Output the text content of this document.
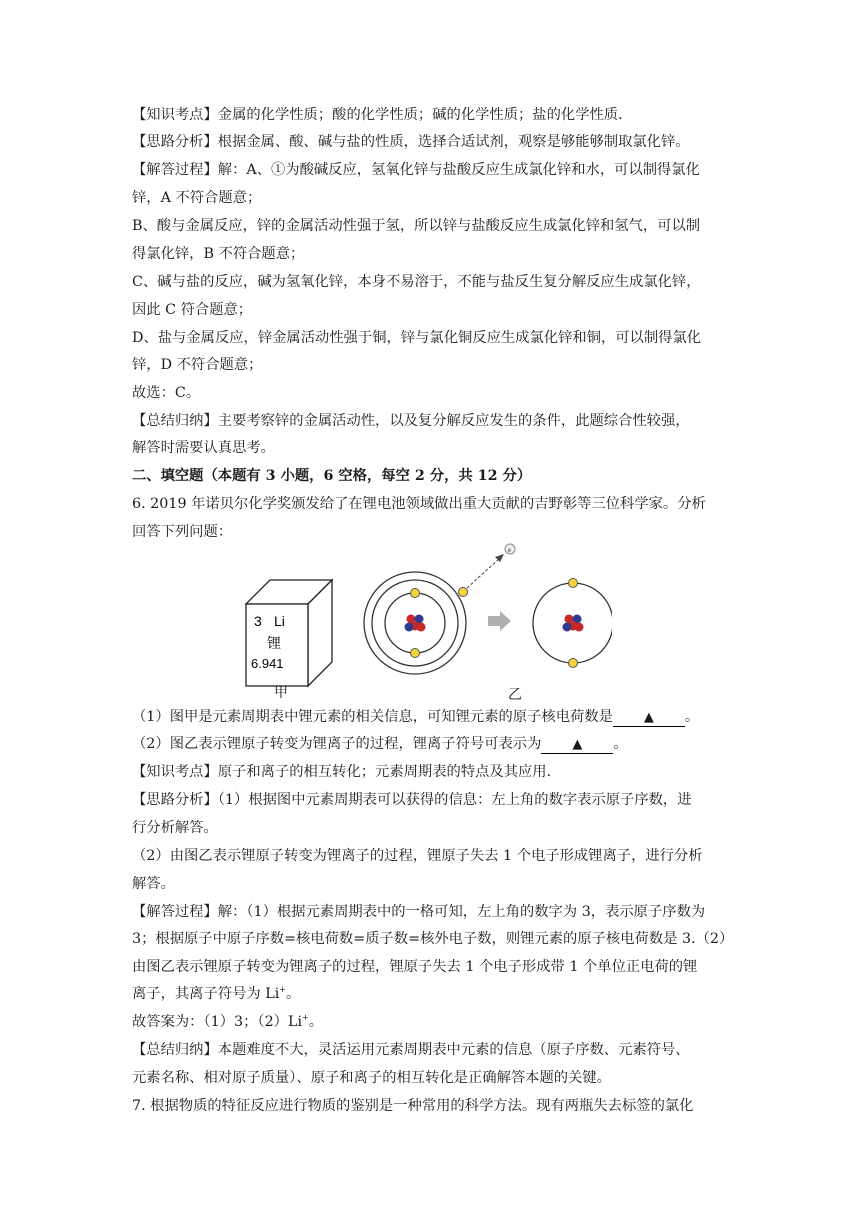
【知识考点】金属的化学性质；酸的化学性质；碱的化学性质；盐的化学性质．
【思路分析】根据金属、酸、碱与盐的性质，选择合适试剂，观察是够能够制取氯化锌。
【解答过程】解：A、①为酸碱反应，氢氧化锌与盐酸反应生成氯化锌和水，可以制得氯化
锌，A 不符合题意；
B、酸与金属反应，锌的金属活动性强于氢，所以锌与盐酸反应生成氯化锌和氢气，可以制
得氯化锌，B 不符合题意；
C、碱与盐的反应，碱为氢氧化锌，本身不易溶于，不能与盐反生复分解反应生成氯化锌，
因此 C 符合题意；
D、盐与金属反应，锌金属活动性强于铜，锌与氯化铜反应生成氯化锌和铜，可以制得氯化
锌，D 不符合题意；
故选：C。
【总结归纳】主要考察锌的金属活动性，以及复分解反应发生的条件，此题综合性较强，
解答时需要认真思考。
二、填空题（本题有 3 小题，6 空格，每空 2 分，共 12 分）
6. 2019 年诺贝尔化学奖颁发给了在锂电池领域做出重大贡献的吉野彰等三位科学家。分析
回答下列问题：
3 Li
锂
6.941
e
甲	乙
（1）图甲是元素周期表中锂元素的相关信息，可知锂元素的原子核电荷数是 ▲ 。
（2）图乙表示锂原子转变为锂离子的过程，锂离子符号可表示为 ▲ 。
【知识考点】原子和离子的相互转化；元素周期表的特点及其应用．
【思路分析】（1）根据图中元素周期表可以获得的信息：左上角的数字表示原子序数，进
行分析解答。
（2）由图乙表示锂原子转变为锂离子的过程，锂原子失去 1 个电子形成锂离子，进行分析
解答。
【解答过程】解：（1）根据元素周期表中的一格可知，左上角的数字为 3，表示原子序数为
3；根据原子中原子序数=核电荷数=质子数=核外电子数，则锂元素的原子核电荷数是 3.（2）
由图乙表示锂原子转变为锂离子的过程，锂原子失去 1 个电子形成带 1 个单位正电荷的锂
离子，其离子符号为 Li+。
故答案为：（1）3；（2）Li+。
【总结归纳】本题难度不大，灵活运用元素周期表中元素的信息（原子序数、元素符号、
元素名称、相对原子质量）、原子和离子的相互转化是正确解答本题的关键。
7. 根据物质的特征反应进行物质的鉴别是一种常用的科学方法。现有两瓶失去标签的氯化
